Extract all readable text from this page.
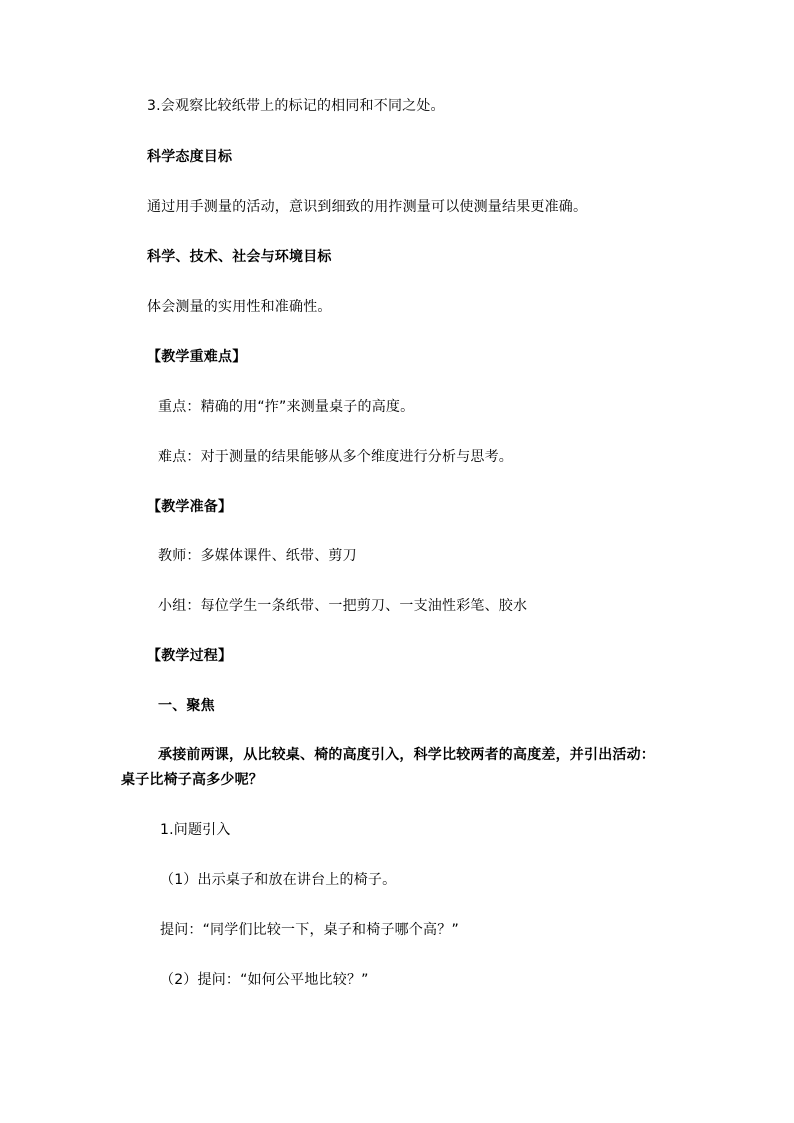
3.会观察比较纸带上的标记的相同和不同之处。
科学态度目标
通过用手测量的活动，意识到细致的用拃测量可以使测量结果更准确。
科学、技术、社会与环境目标
体会测量的实用性和准确性。
【教学重难点】
重点：精确的用“拃”来测量桌子的高度。
难点：对于测量的结果能够从多个维度进行分析与思考。
【教学准备】
教师：多媒体课件、纸带、剪刀
小组：每位学生一条纸带、一把剪刀、一支油性彩笔、胶水
【教学过程】
一、聚焦
承接前两课，从比较桌、椅的高度引入，科学比较两者的高度差，并引出活动：
桌子比椅子高多少呢？
1.问题引入
（1）出示桌子和放在讲台上的椅子。
提问：“同学们比较一下，桌子和椅子哪个高？”
（2）提问：“如何公平地比较？”
